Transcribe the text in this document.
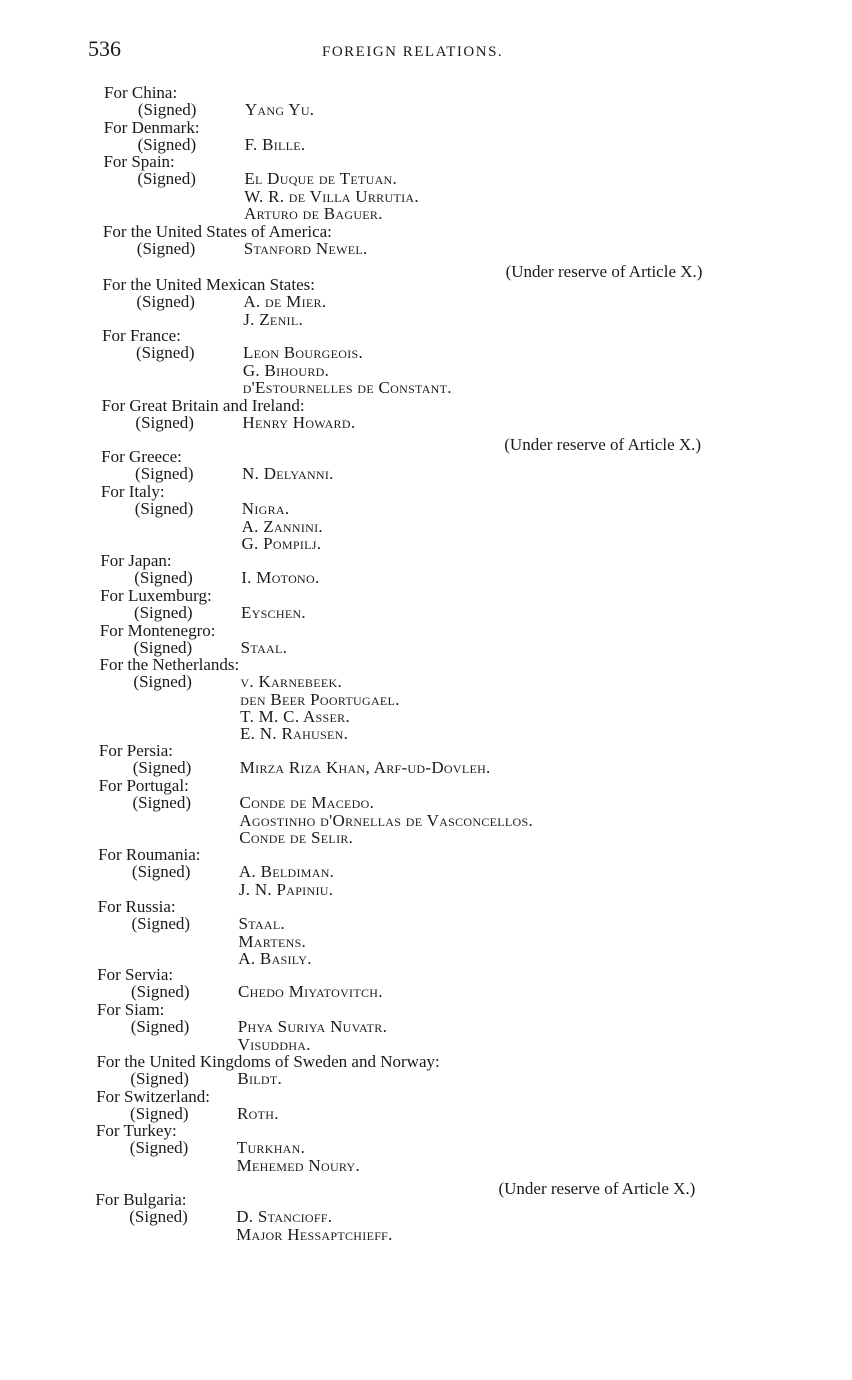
536	FOREIGN RELATIONS.
For China:
(Signed)	Yang Yu.
For Denmark:
(Signed)	F. Bille.
For Spain:
(Signed)	El Duque de Tetuan.
W. R. de Villa Urrutia.
Arturo de Baguer.
For the United States of America:
(Signed)	Stanford Newel.
(Under reserve of Article X.)
For the United Mexican States:
(Signed)	A. de Mier.
J. Zenil.
For France:
(Signed)	Leon Bourgeois.
G. Bihourd.
d'Estournelles de Constant.
For Great Britain and Ireland:
(Signed)	Henry Howard.
(Under reserve of Article X.)
For Greece:
(Signed)	N. Delyanni.
For Italy:
(Signed)	Nigra.
A. Zannini.
G. Pompilj.
For Japan:
(Signed)	I. Motono.
For Luxemburg:
(Signed)	Eyschen.
For Montenegro:
(Signed)	Staal.
For the Netherlands:
(Signed)	v. Karnebeek.
den Beer Poortugael.
T. M. C. Asser.
E. N. Rahusen.
For Persia:
(Signed)	Mirza Riza Khan, Arf-ud-Dovleh.
For Portugal:
(Signed)	Conde de Macedo.
Agostinho d'Ornellas de Vasconcellos.
Conde de Selir.
For Roumania:
(Signed)	A. Beldiman.
J. N. Papiniu.
For Russia:
(Signed)	Staal.
Martens.
A. Basily.
For Servia:
(Signed)	Chedo Miyatovitch.
For Siam:
(Signed)	Phya Suriya Nuvatr.
Visuddha.
For the United Kingdoms of Sweden and Norway:
(Signed)	Bildt.
For Switzerland:
(Signed)	Roth.
For Turkey:
(Signed)	Turkhan.
Mehemed Noury.
(Under reserve of Article X.)
For Bulgaria:
(Signed)	D. Stancioff.
Major Hessaptchieff.
